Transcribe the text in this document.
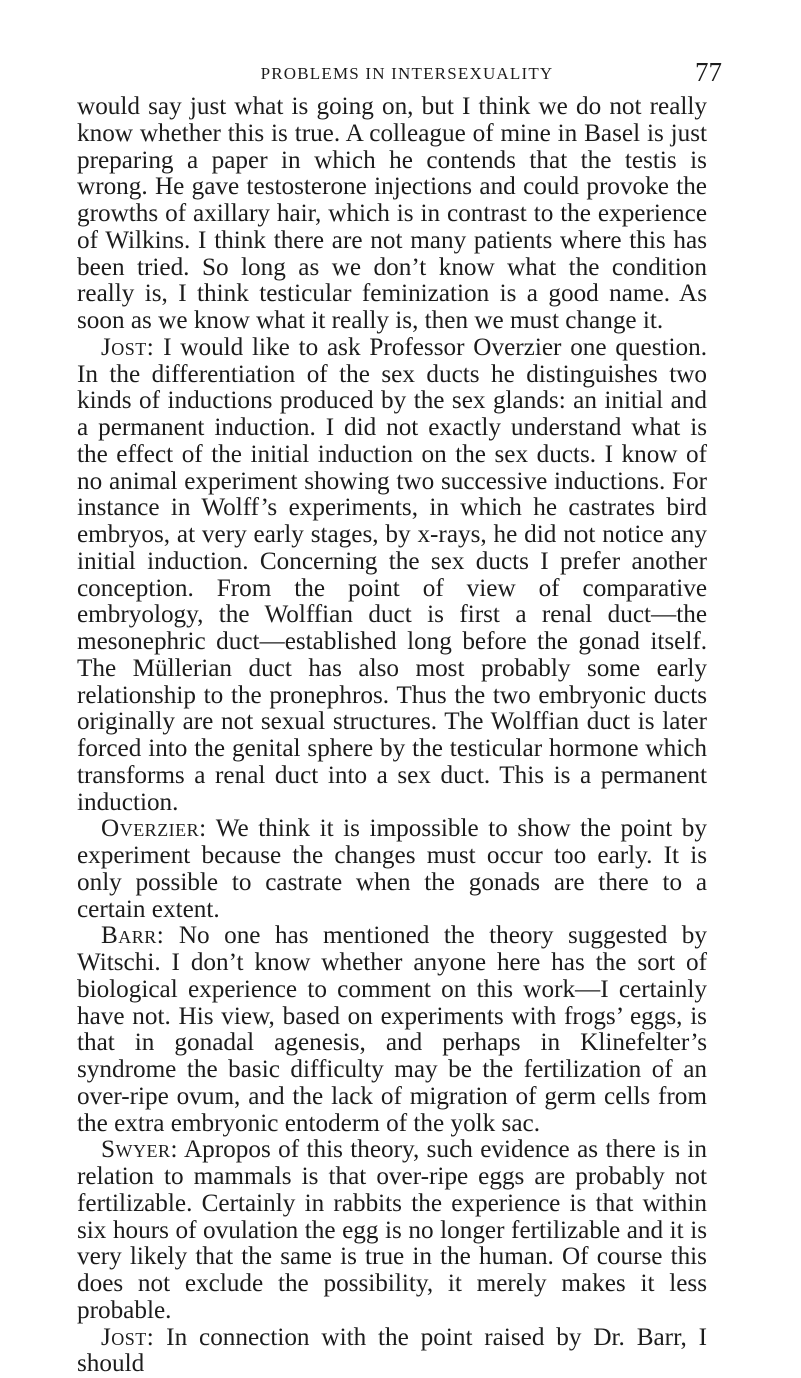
PROBLEMS IN INTERSEXUALITY	77

would say just what is going on, but I think we do not really know whether this is true. A colleague of mine in Basel is just preparing a paper in which he contends that the testis is wrong. He gave testosterone injections and could provoke the growths of axillary hair, which is in contrast to the experience of Wilkins. I think there are not many patients where this has been tried. So long as we don’t know what the condition really is, I think testicular feminization is a good name. As soon as we know what it really is, then we must change it.

Jost: I would like to ask Professor Overzier one question. In the differentiation of the sex ducts he distinguishes two kinds of inductions produced by the sex glands: an initial and a permanent induction. I did not exactly understand what is the effect of the initial induction on the sex ducts. I know of no animal experiment showing two successive inductions. For instance in Wolff’s experiments, in which he castrates bird embryos, at very early stages, by x-rays, he did not notice any initial induction. Concerning the sex ducts I prefer another conception. From the point of view of comparative embryology, the Wolffian duct is first a renal duct—the mesonephric duct—established long before the gonad itself. The Müllerian duct has also most probably some early relationship to the pronephros. Thus the two embryonic ducts originally are not sexual structures. The Wolffian duct is later forced into the genital sphere by the testicular hormone which transforms a renal duct into a sex duct. This is a permanent induction.

Overzier: We think it is impossible to show the point by experiment because the changes must occur too early. It is only possible to castrate when the gonads are there to a certain extent.

Barr: No one has mentioned the theory suggested by Witschi. I don’t know whether anyone here has the sort of biological experience to comment on this work—I certainly have not. His view, based on experiments with frogs’ eggs, is that in gonadal agenesis, and perhaps in Klinefelter’s syndrome the basic difficulty may be the fertilization of an over-ripe ovum, and the lack of migration of germ cells from the extra embryonic entoderm of the yolk sac.

Swyer: Apropos of this theory, such evidence as there is in relation to mammals is that over-ripe eggs are probably not fertilizable. Certainly in rabbits the experience is that within six hours of ovulation the egg is no longer fertilizable and it is very likely that the same is true in the human. Of course this does not exclude the possibility, it merely makes it less probable.

Jost: In connection with the point raised by Dr. Barr, I should
